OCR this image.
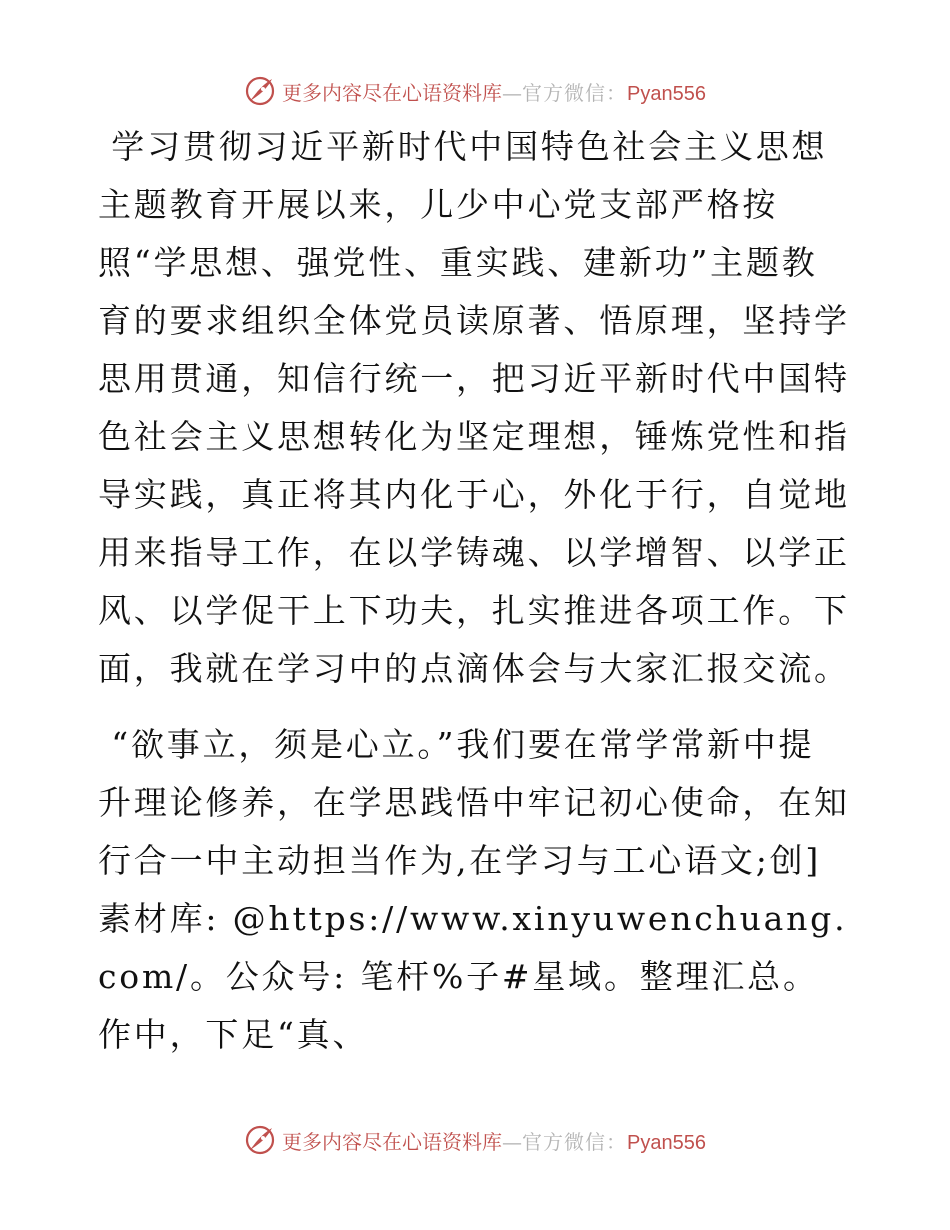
更多内容尽在心语资料库—官方微信：Pyan556

学习贯彻习近平新时代中国特色社会主义思想主题教育开展以来，儿少中心党支部严格按照“学思想、强党性、重实践、建新功”主题教育的要求组织全体党员读原著、悟原理，坚持学思用贯通，知信行统一，把习近平新时代中国特色社会主义思想转化为坚定理想，锤炼党性和指导实践，真正将其内化于心，外化于行，自觉地用来指导工作，在以学铸魂、以学增智、以学正风、以学促干上下功夫，扎实推进各项工作。下面，我就在学习中的点滴体会与大家汇报交流。

“欲事立，须是心立。”我们要在常学常新中提升理论修养，在学思践悟中牢记初心使命，在知行合一中主动担当作为,在学习与工心语文;创]素材库: @https://www.xinyuwenchuang.com/。公众号: 笔杆%子#星域。整理汇总。作中，下足“真、

更多内容尽在心语资料库—官方微信：Pyan556
